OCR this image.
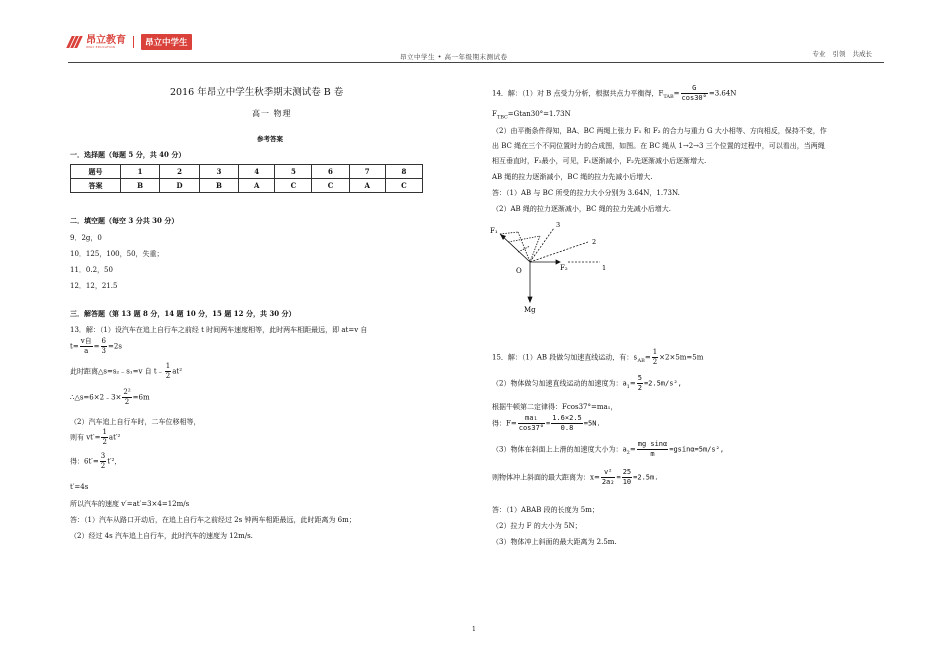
昂立教育
ONLY EDUCATION	昂立中学生
昂立中学生 • 高一年级期末测试卷	专业 引领 共成长
2016 年昂立中学生秋季期末测试卷 B 卷
高一 物理
参考答案
一．选择题（每题 5 分，共 40 分）
题号	1	2	3	4	5	6	7	8
答案	B	D	B	A	C	C	A	C
二．填空题（每空 3 分共 30 分）
9．2g，0
10．125，100，50，失重；
11．0.2，50
12．12，21.5
三．解答题（第 13 题 8 分，14 题 10 分，15 题 12 分，共 30 分）
13．解：（1）设汽车在追上自行车之前经 t 时间两车速度相等，此时两车相距最远，即 at=v 自
$t= \frac{\text{v自}}{a} = \frac{6}{3} =2s$
此时距离△s=s₂﹣s₁=v 自 t﹣ $\frac{1}{2} at^2$
∴△s=6×2﹣3× $\frac{\text{2²}}{2} =6m$
（2）汽车追上自行车时，二车位移相等，
则有 $vt'= \frac{1}{2} at'^2$
得：$6t'= \frac{3}{2} t'^2$，
t′=4s
所以汽车的速度 v′=at′=3×4=12m/s
答：（1）汽车从路口开动后，在追上自行车之前经过 2s 钟两车相距最远，此时距离为 6m；
（2）经过 4s 汽车追上自行车，此时汽车的速度为 12m/s.
14．解：（1）对 B 点受力分析，根据共点力平衡得，$F_{TAB}= \frac{G}{\cos 30^\circ} =3.64N$
$F_{TBC}=Gtan30^\circ=1.73N$
（2）由平衡条件得知，BA、BC 两绳上张力 F₁ 和 F₂ 的合力与重力 G 大小相等、方向相反，保持不变，作
出 BC 绳在三个不同位置时力的合成图，如图。在 BC 绳从 1→2→3 三个位置的过程中，可以看出，当两绳
相互垂直时，F₂最小，可见，F₁逐渐减小，F₂先逐渐减小后逐渐增大.
AB 绳的拉力逐渐减小，BC 绳的拉力先减小后增大.
答：（1）AB 与 BC 所受的拉力大小分别为 3.64N，1.73N.
（2）AB 绳的拉力逐渐减小，BC 绳的拉力先减小后增大.
F₁
F₂
O
Mg
1
2
3
15．解：（1）AB 段做匀加速直线运动，有：$s_{AB}= \frac{1}{2} \times 2\times 5m=5m$
（2）物体做匀加速直线运动的加速度为：$a_1= \frac{5}{2} =2.5m/s^2$,
根据牛顿第二定律得：Fcos37°=ma₁，
得：$F= \frac{\text{ma₁}}{\cos 37^\circ} = \frac{1.6\times 2.5}{0.8} =5N$.
（3）物体在斜面上上滑的加速度大小为：$a_2= \frac{\text{mg sinα}}{m} =gsin\alpha=5m/s^2$,
则物体冲上斜面的最大距离为：$x= \frac{\text{v²}}{\text{2a₂}} = \frac{25}{10} =2.5m$.
答：（1）ABAB 段的长度为 5m；
（2）拉力 F 的大小为 5N；
（3）物体冲上斜面的最大距离为 2.5m.
1
